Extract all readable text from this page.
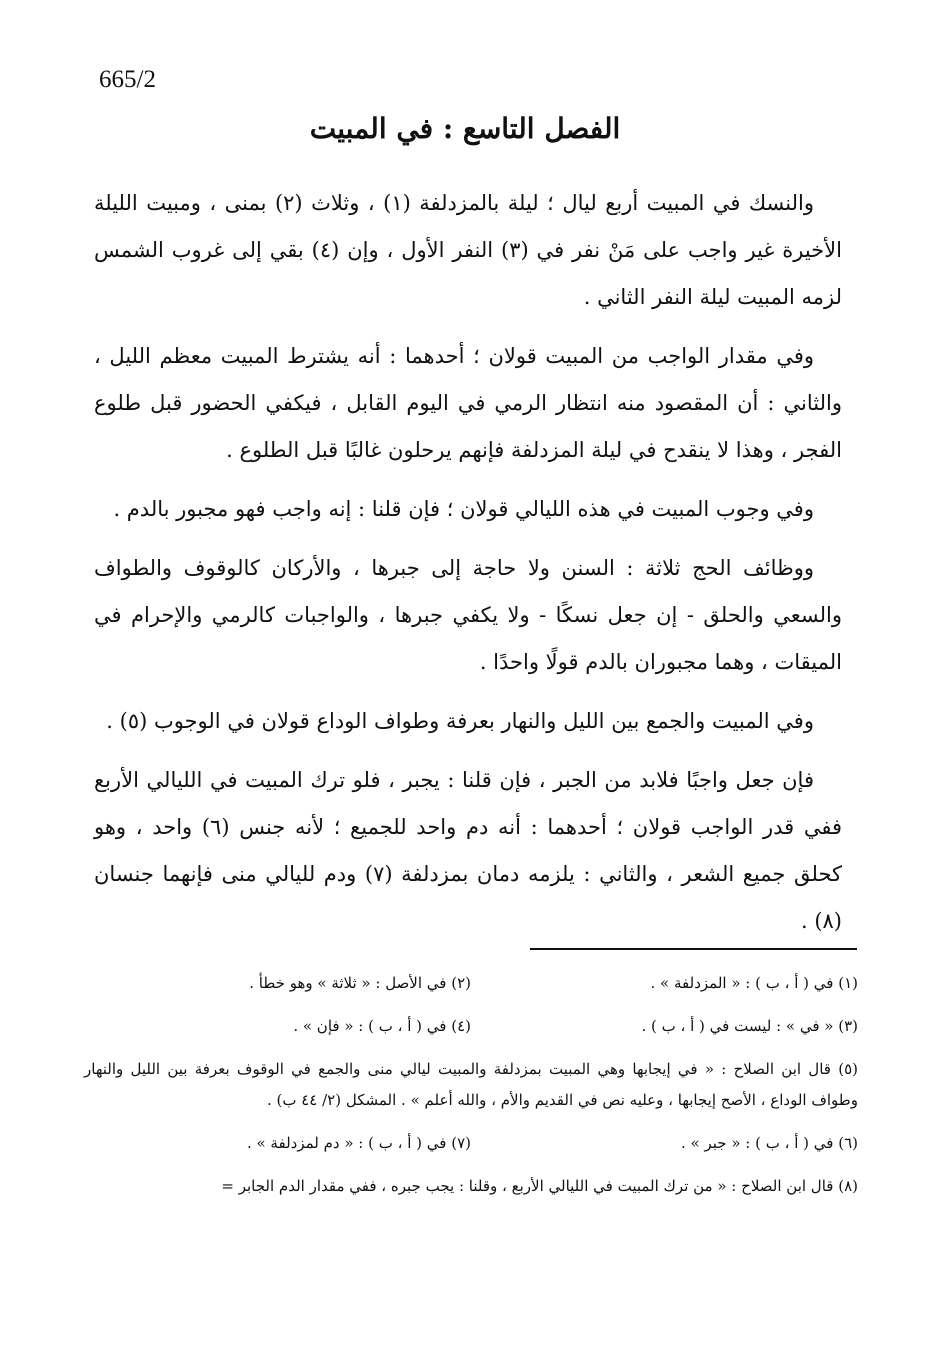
665/2
الفصل التاسع : في المبيت

والنسك في المبيت أربع ليال ؛ ليلة بالمزدلفة (١) ، وثلاث (٢) بمنى ، ومبيت الليلة الأخيرة غير واجب على مَنْ نفر في (٣) النفر الأول ، وإن (٤) بقي إلى غروب الشمس لزمه المبيت ليلة النفر الثاني .

وفي مقدار الواجب من المبيت قولان ؛ أحدهما : أنه يشترط المبيت معظم الليل ، والثاني : أن المقصود منه انتظار الرمي في اليوم القابل ، فيكفي الحضور قبل طلوع الفجر ، وهذا لا ينقدح في ليلة المزدلفة فإنهم يرحلون غالبًا قبل الطلوع .

وفي وجوب المبيت في هذه الليالي قولان ؛ فإن قلنا : إنه واجب فهو مجبور بالدم .

ووظائف الحج ثلاثة : السنن ولا حاجة إلى جبرها ، والأركان كالوقوف والطواف والسعي والحلق - إن جعل نسكًا - ولا يكفي جبرها ، والواجبات كالرمي والإحرام في الميقات ، وهما مجبوران بالدم قولًا واحدًا .

وفي المبيت والجمع بين الليل والنهار بعرفة وطواف الوداع قولان في الوجوب (٥) .

فإن جعل واجبًا فلابد من الجبر ، فإن قلنا : يجبر ، فلو ترك المبيت في الليالي الأربع ففي قدر الواجب قولان ؛ أحدهما : أنه دم واحد للجميع ؛ لأنه جنس (٦) واحد ، وهو كحلق جميع الشعر ، والثاني : يلزمه دمان بمزدلفة (٧) ودم لليالي منى فإنهما جنسان (٨) .

(١) في ( أ ، ب ) : « المزدلفة » .
(٢) في الأصل : « ثلاثة » وهو خطأ .
(٣) « في » : ليست في ( أ ، ب ) .
(٤) في ( أ ، ب ) : « فإن » .
(٥) قال ابن الصلاح : « في إيجابها وهي المبيت بمزدلفة والمبيت ليالي منى والجمع في الوقوف بعرفة بين الليل والنهار وطواف الوداع ، الأصح إيجابها ، وعليه نص في القديم والأم ، والله أعلم » . المشكل (٢/ ٤٤ ب) .
(٦) في ( أ ، ب ) : « جبر » .
(٧) في ( أ ، ب ) : « دم لمزدلفة » .
(٨) قال ابن الصلاح : « من ترك المبيت في الليالي الأربع ، وقلنا : يجب جبره ، ففي مقدار الدم الجابر =
